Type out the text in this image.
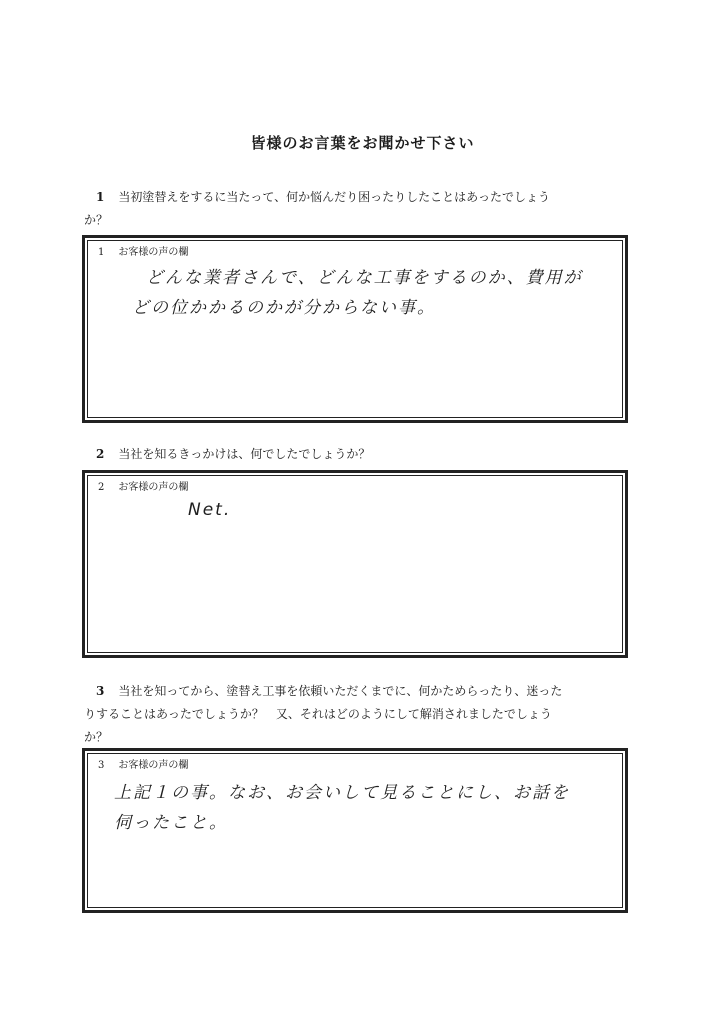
皆様のお言葉をお聞かせ下さい
1 当初塗替えをするに当たって、何か悩んだり困ったりしたことはあったでしょう
か？
1 お客様の声の欄
どんな業者さんで、どんな工事をするのか、費用が
どの位かかるのかが分からない事。
2 当社を知るきっかけは、何でしたでしょうか？
2 お客様の声の欄
Net.
3 当社を知ってから、塗替え工事を依頼いただくまでに、何かためらったり、迷った
りすることはあったでしょうか？　又、それはどのようにして解消されましたでしょう
か？
3 お客様の声の欄
上記１の事。なお、お会いして見ることにし、お話を
伺ったこと。
